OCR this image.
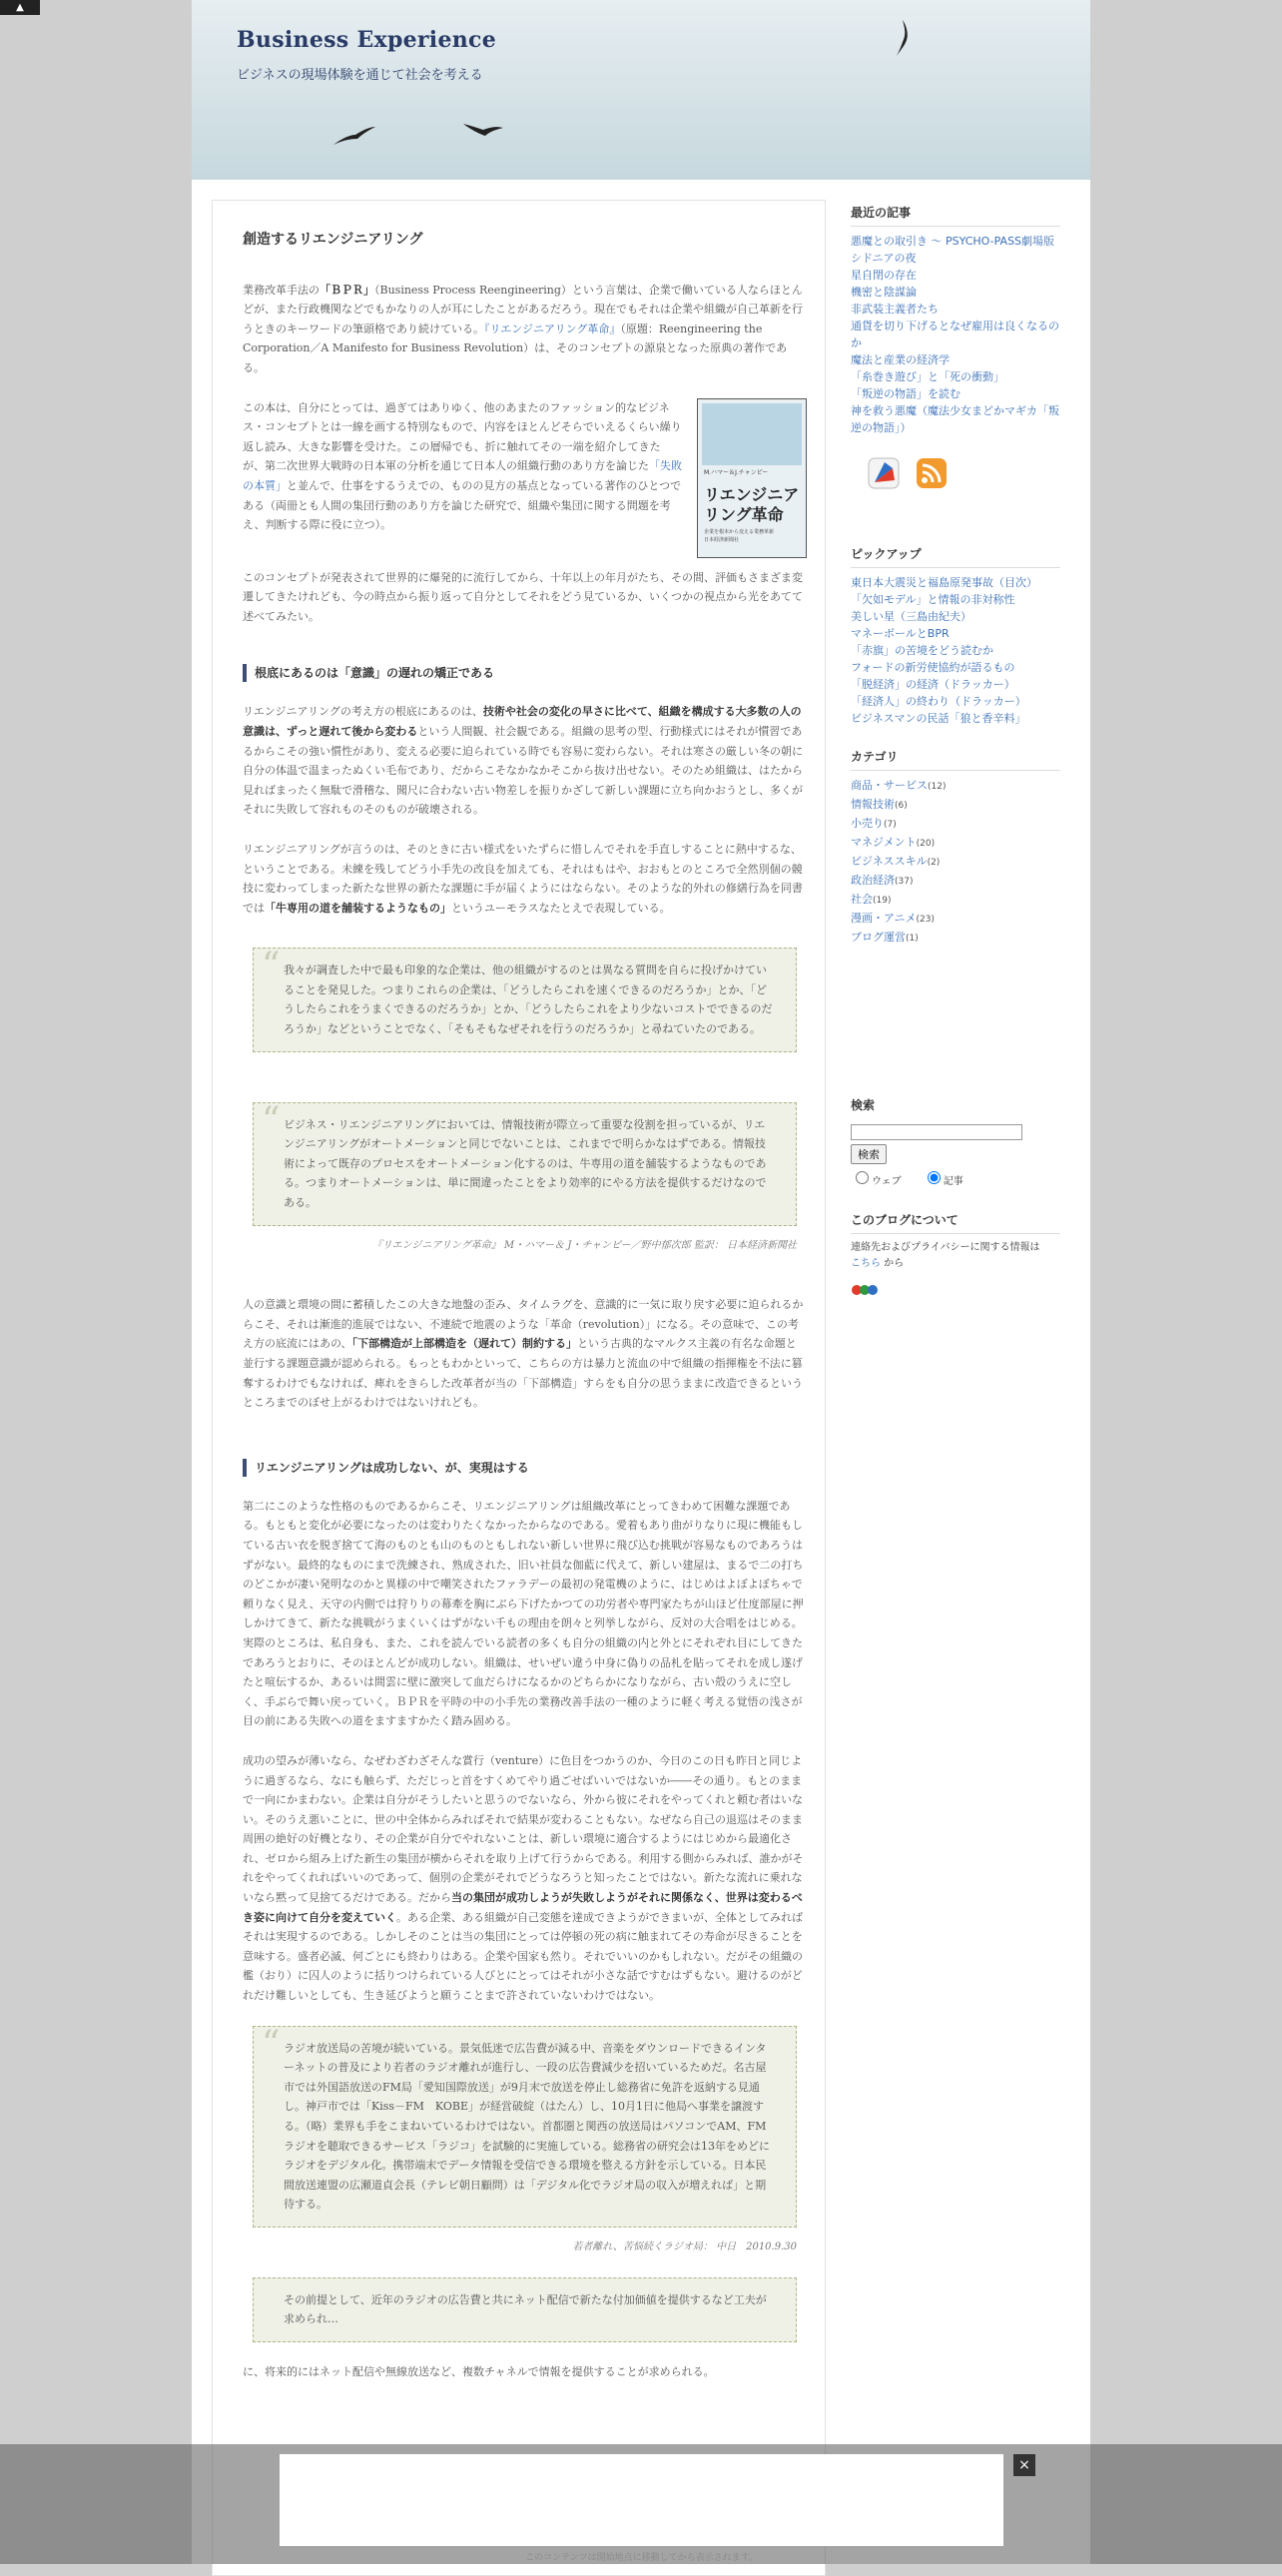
▲
Business Experience

ビジネスの現場体験を通じて社会を考える

創造するリエンジニアリング

業務改革手法の「ＢＰＲ」（Business Process Reengineering）という言葉は、企業で働いている人ならほとんどが、また行政機関などでもかなりの人が耳にしたことがあるだろう。現在でもそれは企業や組織が自己革新を行うときのキーワードの筆頭格であり続けている。『リエンジニアリング革命』（原題：Reengineering the Corporation／A Manifesto for Business Revolution）は、そのコンセプトの源泉となった原典の著作である。

M.ハマー＆J.チャンピー
リエンジニアリング革命
企業を根本から変える業務革新
日本経済新聞社

この本は、自分にとっては、過ぎてはありゆく、他のあまたのファッション的なビジネス・コンセプトとは一線を画する特別なもので、内容をほとんどそらでいえるくらい繰り返し読み、大きな影響を受けた。この層帰でも、折に触れてその一端を紹介してきたが、第二次世界大戦時の日本軍の分析を通じて日本人の組織行動のあり方を論じた「失敗の本質」と並んで、仕事をするうえでの、ものの見方の基点となっている著作のひとつである（両冊とも人間の集団行動のあり方を論じた研究で、組織や集団に関する問題を考え、判断する際に役に立つ）。

このコンセプトが発表されて世界的に爆発的に流行してから、十年以上の年月がたち、その間、評価もさまざま変遷してきたけれども、今の時点から振り返って自分としてそれをどう見ているか、いくつかの視点から光をあてて述べてみたい。

根底にあるのは「意識」の遅れの矯正である

リエンジニアリングの考え方の根底にあるのは、技術や社会の変化の早さに比べて、組織を構成する大多数の人の意識は、ずっと遅れて後から変わるという人間観、社会観である。組織の思考の型、行動様式にはそれが慣習であるからこその強い慣性があり、変える必要に迫られている時でも容易に変わらない。それは寒さの厳しい冬の朝に自分の体温で温まったぬくい毛布であり、だからこそなかなかそこから抜け出せない。そのため組織は、はたから見ればまったく無駄で滑稽な、聞尺に合わない古い物差しを振りかざして新しい課題に立ち向かおうとし、多くがそれに失敗して容れものそのものが破壊される。

リエンジニアリングが言うのは、そのときに古い様式をいたずらに惜しんでそれを手直しすることに熱中するな、ということである。未練を残してどう小手先の改良を加えても、それはもはや、おおもとのところで全然別個の競技に変わってしまった新たな世界の新たな課題に手が届くようにはならない。そのような的外れの修繕行為を同書では「牛専用の道を舗装するようなもの」というユーモラスなたとえで表現している。

“ 我々が調査した中で最も印象的な企業は、他の組織がするのとは異なる質問を自らに投げかけていることを発見した。つまりこれらの企業は、「どうしたらこれを速くできるのだろうか」とか、「どうしたらこれをうまくできるのだろうか」とか、「どうしたらこれをより少ないコストでできるのだろうか」などということでなく、「そもそもなぜそれを行うのだろうか」と尋ねていたのである。

“ ビジネス・リエンジニアリングにおいては、情報技術が際立って重要な役割を担っているが、リエンジニアリングがオートメーションと同じでないことは、これまでで明らかなはずである。情報技術によって既存のプロセスをオートメーション化するのは、牛専用の道を舗装するようなものである。つまりオートメーションは、単に間違ったことをより効率的にやる方法を提供するだけなのである。

『リエンジニアリング革命』 M・ハマー＆ J・チャンピー／野中郁次郎 監訳： 日本経済新聞社

人の意識と環境の間に蓄積したこの大きな地盤の歪み、タイムラグを、意識的に一気に取り戻す必要に迫られるからこそ、それは漸進的進展ではない、不連続で地震のような「革命（revolution）」になる。その意味で、この考え方の底流にはあの、「下部構造が上部構造を（遅れて）制約する」という古典的なマルクス主義の有名な命題と並行する課題意識が認められる。もっともわかといって、こちらの方は暴力と流血の中で組織の指揮権を不法に篡奪するわけでもなければ、痺れをきらした改革者が当の「下部構造」すらをも自分の思うままに改造できるというところまでのぼせ上がるわけではないけれども。

リエンジニアリングは成功しない、が、実現はする

第二にこのような性格のものであるからこそ、リエンジニアリングは組織改革にとってきわめて困難な課題である。もともと変化が必要になったのは変わりたくなかったからなのである。愛着もあり曲がりなりに現に機能もしている古い衣を脱ぎ捨てて海のものとも山のものともしれない新しい世界に飛び込む挑戦が容易なものであろうはずがない。最終的なものにまで洗練され、熟成された、旧い社員な伽藍に代えて、新しい建屋は、まるで二の打ちのどこかが凄い発明なのかと異様の中で嘲笑されたファラデーの最初の発電機のように、はじめはよぼよぼちゃで頼りなく見え、天守の内側では狩りりの幕牽を胸にぶら下げたかつての功労者や専門家たちが山ほど仕度部屋に押しかけてきて、新たな挑戦がうまくいくはずがない千もの理由を朗々と列挙しながら、反対の大合唱をはじめる。実際のところは、私自身も、また、これを読んでいる読者の多くも自分の組織の内と外とにそれぞれ目にしてきたであろうとおりに、そのほとんどが成功しない。組織は、せいぜい違う中身に偽りの品札を貼ってそれを成し遂げたと喧伝するか、あるいは間雲に壁に激突して血だらけになるかのどちらかになりながら、古い殻のうえに空しく、手ぶらで舞い戻っていく。ＢＰＲを平時の中の小手先の業務改善手法の一種のように軽く考える覚悟の浅さが目の前にある失敗への道をますますかたく踏み固める。

成功の望みが薄いなら、なぜわざわざそんな賞行（venture）に色目をつかうのか、今日のこの日も昨日と同じように過ぎるなら、なにも触らず、ただじっと首をすくめてやり過ごせばいいではないか――その通り。もとのままで一向にかまわない。企業は自分がそうしたいと思うのでないなら、外から彼にそれをやってくれと頼む者はいない。そのうえ悪いことに、世の中全体からみればそれで結果が変わることもない。なぜなら自己の退巡はそのまま周囲の絶好の好機となり、その企業が自分でやれないことは、新しい環境に適合するようにはじめから最適化され、ゼロから組み上げた新生の集団が横からそれを取り上げて行うからである。利用する側からみれば、誰かがそれをやってくれればいいのであって、個別の企業がそれでどうなろうと知ったことではない。新たな流れに乗れないなら黙って見捨てるだけである。だから当の集団が成功しようが失敗しようがそれに関係なく、世界は変わるべき姿に向けて自分を変えていく。ある企業、ある組織が自己変態を達成できようができまいが、全体としてみればそれは実現するのである。しかしそのことは当の集団にとっては停頓の死の病に触まれてその寿命が尽きることを意味する。盛者必滅、何ごとにも終わりはある。企業や国家も然り。それでいいのかもしれない。だがその組織の檻（おり）に囚人のように括りつけられている人びとにとってはそれが小さな話ですむはずもない。避けるのがどれだけ難しいとしても、生き延びようと願うことまで許されていないわけではない。

“ ラジオ放送局の苦境が続いている。景気低迷で広告費が減る中、音楽をダウンロードできるインターネットの普及により若者のラジオ離れが進行し、一段の広告費減少を招いているためだ。名古屋市では外国語放送のFM局「愛知国際放送」が9月末で放送を停止し総務省に免許を返納する見通し。神戸市では「Kiss－FM　KOBE」が経営破綻（はたん）し、10月1日に他局へ事業を譲渡する。（略）業界も手をこまねいているわけではない。首都圏と関西の放送局はパソコンでAM、FMラジオを聴取できるサービス「ラジコ」を試験的に実施している。総務省の研究会は13年をめどにラジオをデジタル化。携帯端末でデータ情報を受信できる環境を整える方針を示している。日本民間放送連盟の広瀬道貞会長（テレビ朝日顧問）は「デジタル化でラジオ局の収入が増えれば」と期待する。

若者離れ、苦悩続くラジオ局： 中日　2010.9.30

その前提として、近年のラジオの広告費と共にネット配信で新たな付加価値を提供するなど工夫が求められ…

に、将来的にはネット配信や無線放送など、複数チャネルで情報を提供することが求められる。

最近の記事
悪魔との取引き ～ PSYCHO-PASS劇場版
シドニアの夜
星自閉の存在
機密と陰謀論
非武装主義者たち
通貨を切り下げるとなぜ雇用は良くなるのか
魔法と産業の経済学
「糸巻き遊び」と「死の衝動」
「叛逆の物語」を読む
神を救う悪魔（魔法少女まどかマギカ「叛逆の物語」）
ピックアップ
東日本大震災と福島原発事故（目次）
「欠如モデル」と情報の非対称性
美しい星（三島由紀夫）
マネーボールとBPR
「赤旗」の苦境をどう読むか
フォードの新労使協約が語るもの
「脱経済」の経済（ドラッカー）
「経済人」の終わり（ドラッカー）
ビジネスマンの民話「狼と香辛料」
カテゴリ
商品・サービス(12)
情報技術(6)
小売り(7)
マネジメント(20)
ビジネススキル(2)
政治経済(37)
社会(19)
漫画・アニメ(23)
ブログ運営(1)
検索
検索
ウェブ	記事
このブログについて
連絡先およびプライバシーに関する情報は
こちら から
×
このコンテンツは開始地点に移動してから表示されます。
